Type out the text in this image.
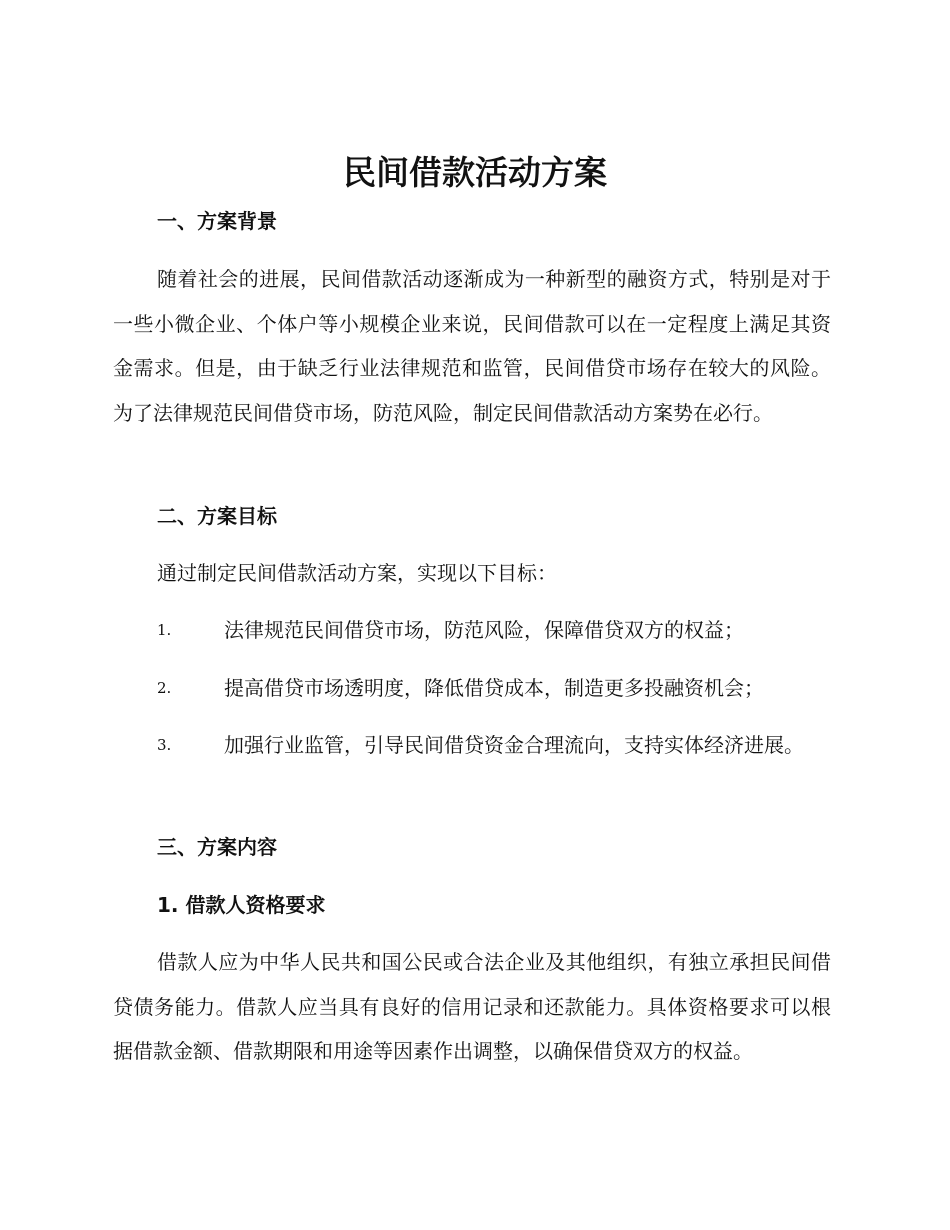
民间借款活动方案
一、方案背景

随着社会的进展，民间借款活动逐渐成为一种新型的融资方式，特别是对于一些小微企业、个体户等小规模企业来说，民间借款可以在一定程度上满足其资金需求。但是，由于缺乏行业法律规范和监管，民间借贷市场存在较大的风险。为了法律规范民间借贷市场，防范风险，制定民间借款活动方案势在必行。

二、方案目标

通过制定民间借款活动方案，实现以下目标：

1.	法律规范民间借贷市场，防范风险，保障借贷双方的权益；
2.	提高借贷市场透明度，降低借贷成本，制造更多投融资机会；
3.	加强行业监管，引导民间借贷资金合理流向，支持实体经济进展。
三、方案内容
1. 借款人资格要求

借款人应为中华人民共和国公民或合法企业及其他组织，有独立承担民间借贷债务能力。借款人应当具有良好的信用记录和还款能力。具体资格要求可以根据借款金额、借款期限和用途等因素作出调整，以确保借贷双方的权益。
